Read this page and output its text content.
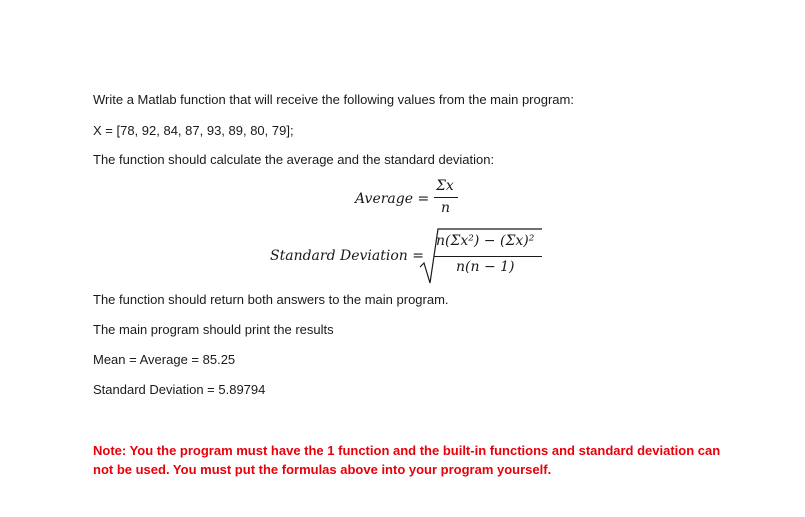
Write a Matlab function that will receive the following values from the main program:
X = [78, 92, 84, 87, 93, 89, 80, 79];
The function should calculate the average and the standard deviation:
Average =
Σx
n
Standard Deviation =
n(Σx²) − (Σx)²
n(n − 1)
The function should return both answers to the main program.
The main program should print the results
Mean = Average = 85.25
Standard Deviation = 5.89794
Note: You the program must have the 1 function and the built-in functions and standard deviation can not be used. You must put the formulas above into your program yourself.
